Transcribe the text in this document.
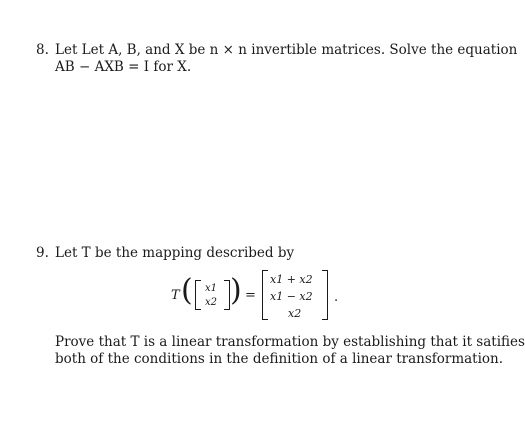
8. Let Let A, B, and X be n × n invertible matrices. Solve the equation
AB − AXB = I for X.
9. Let T be the mapping described by
T ( )
x1
x2 =
x1 + x2
x1 − x2
x2
.
Prove that T is a linear transformation by establishing that it satifies
both of the conditions in the definition of a linear transformation.
